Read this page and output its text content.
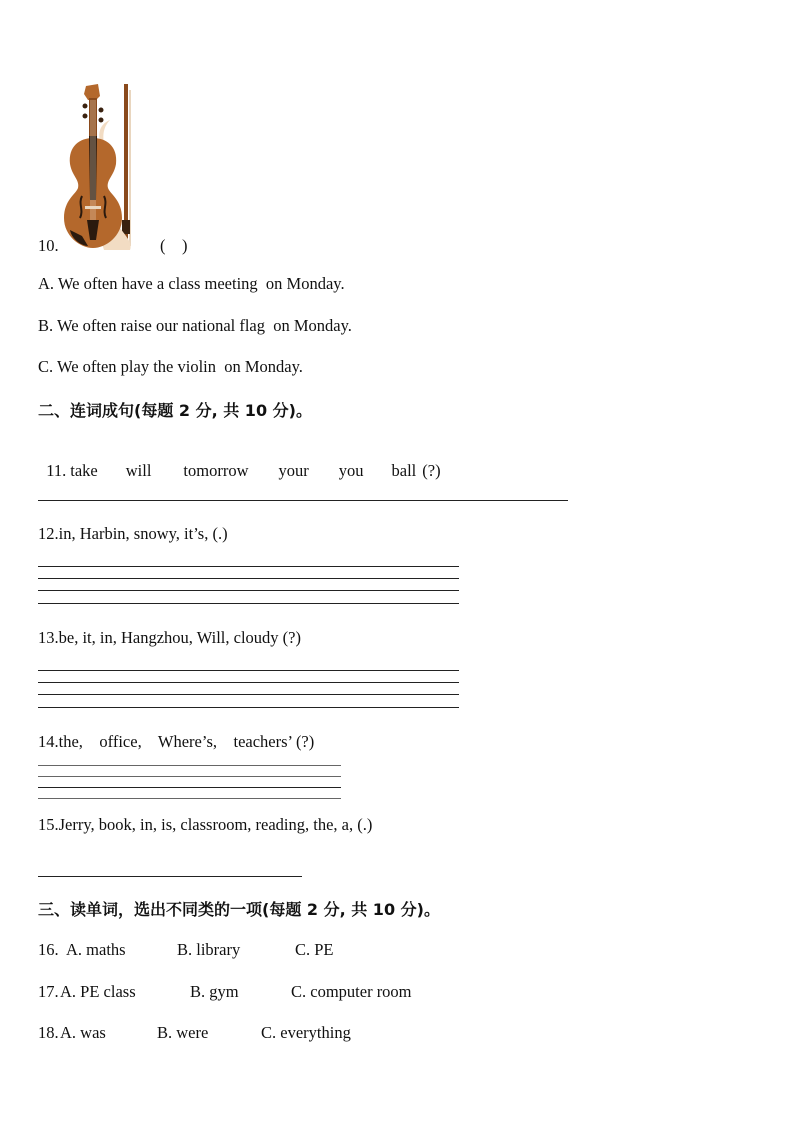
10.	(    )
A. We often have a class meeting  on Monday.
B. We often raise our national flag  on Monday.
C. We often play the violin  on Monday.
二、连词成句(每题 2 分, 共 10 分)。

11. take will tomorrow your you ball (?)

12.in, Harbin, snowy, it’s, (.)
13.be, it, in, Hangzhou, Will, cloudy (?)
14.the,    office,    Where’s,    teachers’ (?)
15.Jerry, book, in, is, classroom, reading, the, a, (.)
三、读单词，选出不同类的一项(每题 2 分, 共 10 分)。
16. A. maths	B. library	C. PE
17. A. PE class	B. gym	C. computer room
18. A. was	B. were	C. everything
